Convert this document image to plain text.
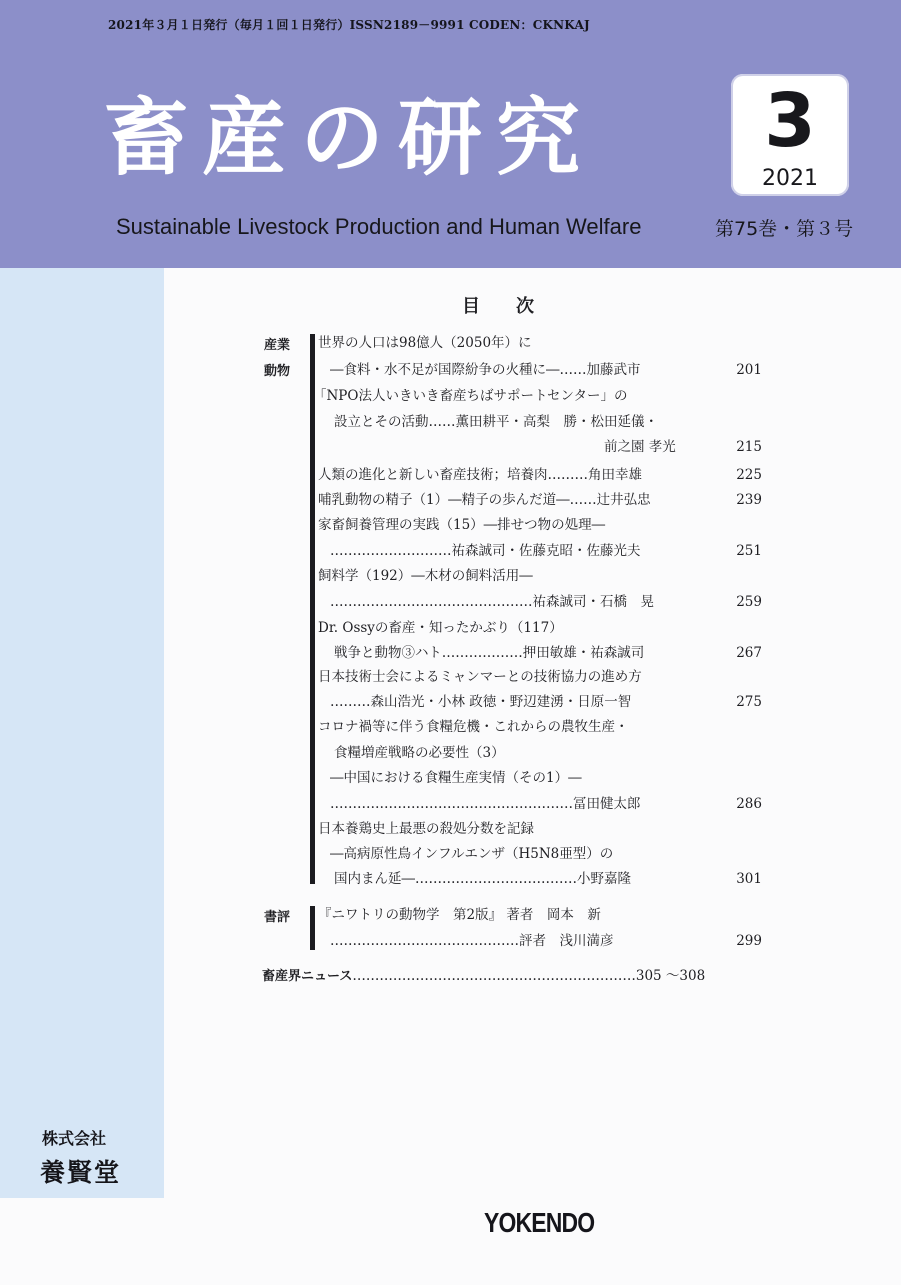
2021年３月１日発行（毎月１回１日発行）ISSN2189－9991 CODEN：CKNKAJ
畜産の研究	3
2021
Sustainable Livestock Production and Human Welfare	第75巻・第３号
株式会社
養賢堂
目次
産業
動物
書評
世界の人口は98億人（2050年）に
―食料・水不足が国際紛争の火種に―……加藤武市
「NPO法人いきいき畜産ちばサポートセンター」の
設立とその活動……薫田耕平・高梨　勝・松田延儀・
前之園 孝光
人類の進化と新しい畜産技術；培養肉………角田幸雄
哺乳動物の精子（1）―精子の歩んだ道―……辻井弘忠
家畜飼養管理の実践（15）―排せつ物の処理―
………………………祐森誠司・佐藤克昭・佐藤光夫
飼料学（192）―木材の飼料活用―
………………………………………祐森誠司・石橋　晃
Dr. Ossyの畜産・知ったかぶり（117）
戦争と動物③ハト………………押田敏雄・祐森誠司
日本技術士会によるミャンマーとの技術協力の進め方
………森山浩光・小林 政徳・野辺建湧・日原一智
コロナ禍等に伴う食糧危機・これからの農牧生産・
食糧増産戦略の必要性（3）
―中国における食糧生産実情（その1）―
………………………………………………冨田健太郎
日本養鶏史上最悪の殺処分数を記録
―高病原性鳥インフルエンザ（H5N8亜型）の
国内まん延―………………………………小野嘉隆
『ニワトリの動物学　第2版』 著者　岡本　新
……………………………………評者　浅川満彦
201
215
225
239
251
259
267
275
286
301
299
畜産界ニュース………………………………………………………305 ～308
YOKENDO
